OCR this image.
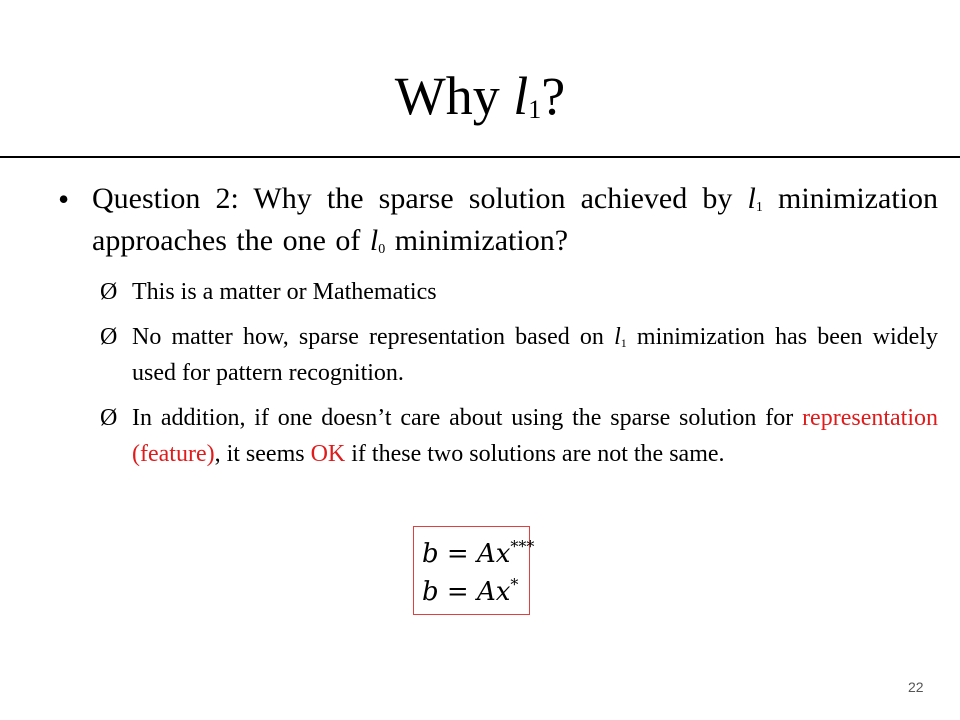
Why $l_1$?
• Question 2: Why the sparse solution achieved by $l_1$ minimization approaches the one of $l_0$ minimization?
Ø This is a matter or Mathematics
Ø No matter how, sparse representation based on $l_1$ minimization has been widely used for pattern recognition.
Ø In addition, if one doesn’t care about using the sparse solution for representation (feature), it seems OK if these two solutions are not the same.
b = Ax***
b = Ax*
22
